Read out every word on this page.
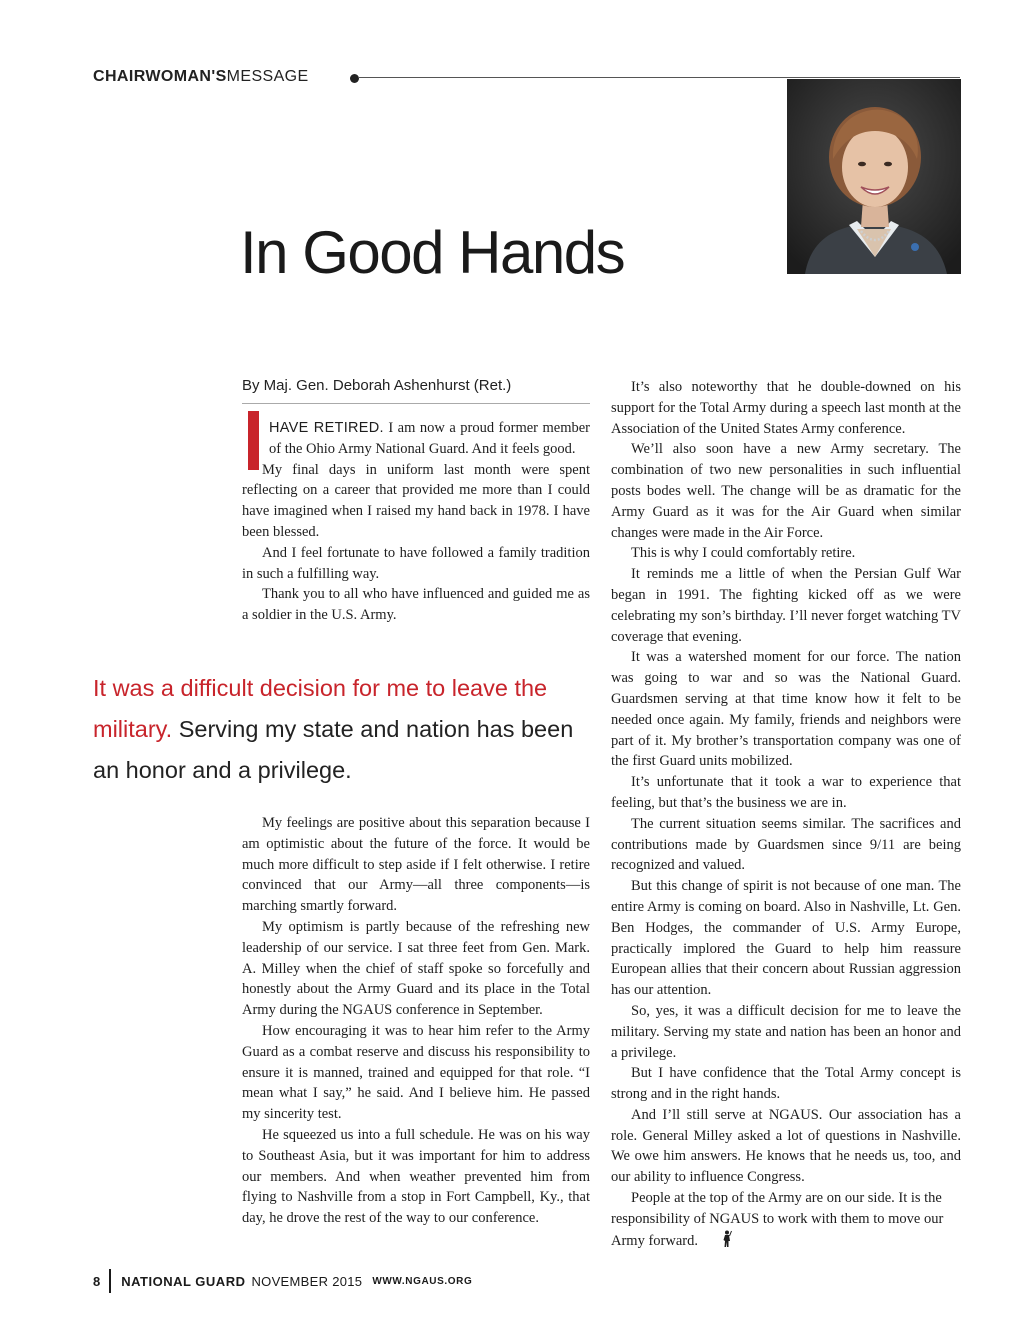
CHAIRWOMAN'SMESSAGE
In Good Hands
By Maj. Gen. Deborah Ashenhurst (Ret.)

HAVE RETIRED. I am now a proud former member of the Ohio Army National Guard. And it feels good.

My final days in uniform last month were spent reflecting on a career that provided me more than I could have imagined when I raised my hand back in 1978. I have been blessed.

And I feel fortunate to have followed a family tradition in such a fulfilling way.

Thank you to all who have influenced and guided me as a soldier in the U.S. Army.

It was a difficult decision for me to leave the military. Serving my state and nation has been an honor and a privilege.

My feelings are positive about this separation because I am optimistic about the future of the force. It would be much more difficult to step aside if I felt otherwise. I retire convinced that our Army—all three components—is marching smartly forward.

My optimism is partly because of the refreshing new leadership of our service. I sat three feet from Gen. Mark. A. Milley when the chief of staff spoke so forcefully and honestly about the Army Guard and its place in the Total Army during the NGAUS conference in September.

How encouraging it was to hear him refer to the Army Guard as a combat reserve and discuss his responsibility to ensure it is manned, trained and equipped for that role. “I mean what I say,” he said. And I believe him. He passed my sincerity test.

He squeezed us into a full schedule. He was on his way to Southeast Asia, but it was important for him to address our members. And when weather prevented him from flying to Nashville from a stop in Fort Campbell, Ky., that day, he drove the rest of the way to our conference.

It’s also noteworthy that he double-downed on his support for the Total Army during a speech last month at the Association of the United States Army conference.

We’ll also soon have a new Army secretary. The combination of two new personalities in such influential posts bodes well. The change will be as dramatic for the Army Guard as it was for the Air Guard when similar changes were made in the Air Force.

This is why I could comfortably retire.

It reminds me a little of when the Persian Gulf War began in 1991. The fighting kicked off as we were celebrating my son’s birthday. I’ll never forget watching TV coverage that evening.

It was a watershed moment for our force. The nation was going to war and so was the National Guard. Guardsmen serving at that time know how it felt to be needed once again. My family, friends and neighbors were part of it. My brother’s transportation company was one of the first Guard units mobilized.

It’s unfortunate that it took a war to experience that feeling, but that’s the business we are in.

The current situation seems similar. The sacrifices and contributions made by Guardsmen since 9/11 are being recognized and valued.

But this change of spirit is not because of one man. The entire Army is coming on board. Also in Nashville, Lt. Gen. Ben Hodges, the commander of U.S. Army Europe, practically implored the Guard to help him reassure European allies that their concern about Russian aggression has our attention.

So, yes, it was a difficult decision for me to leave the military. Serving my state and nation has been an honor and a privilege.

But I have confidence that the Total Army concept is strong and in the right hands.

And I’ll still serve at NGAUS. Our association has a role. General Milley asked a lot of questions in Nashville. We owe him answers. He knows that he needs us, too, and our ability to influence Congress.

People at the top of the Army are on our side. It is the responsibility of NGAUS to work with them to move our Army forward.

8 NATIONAL GUARD NOVEMBER 2015 WWW.NGAUS.ORG
